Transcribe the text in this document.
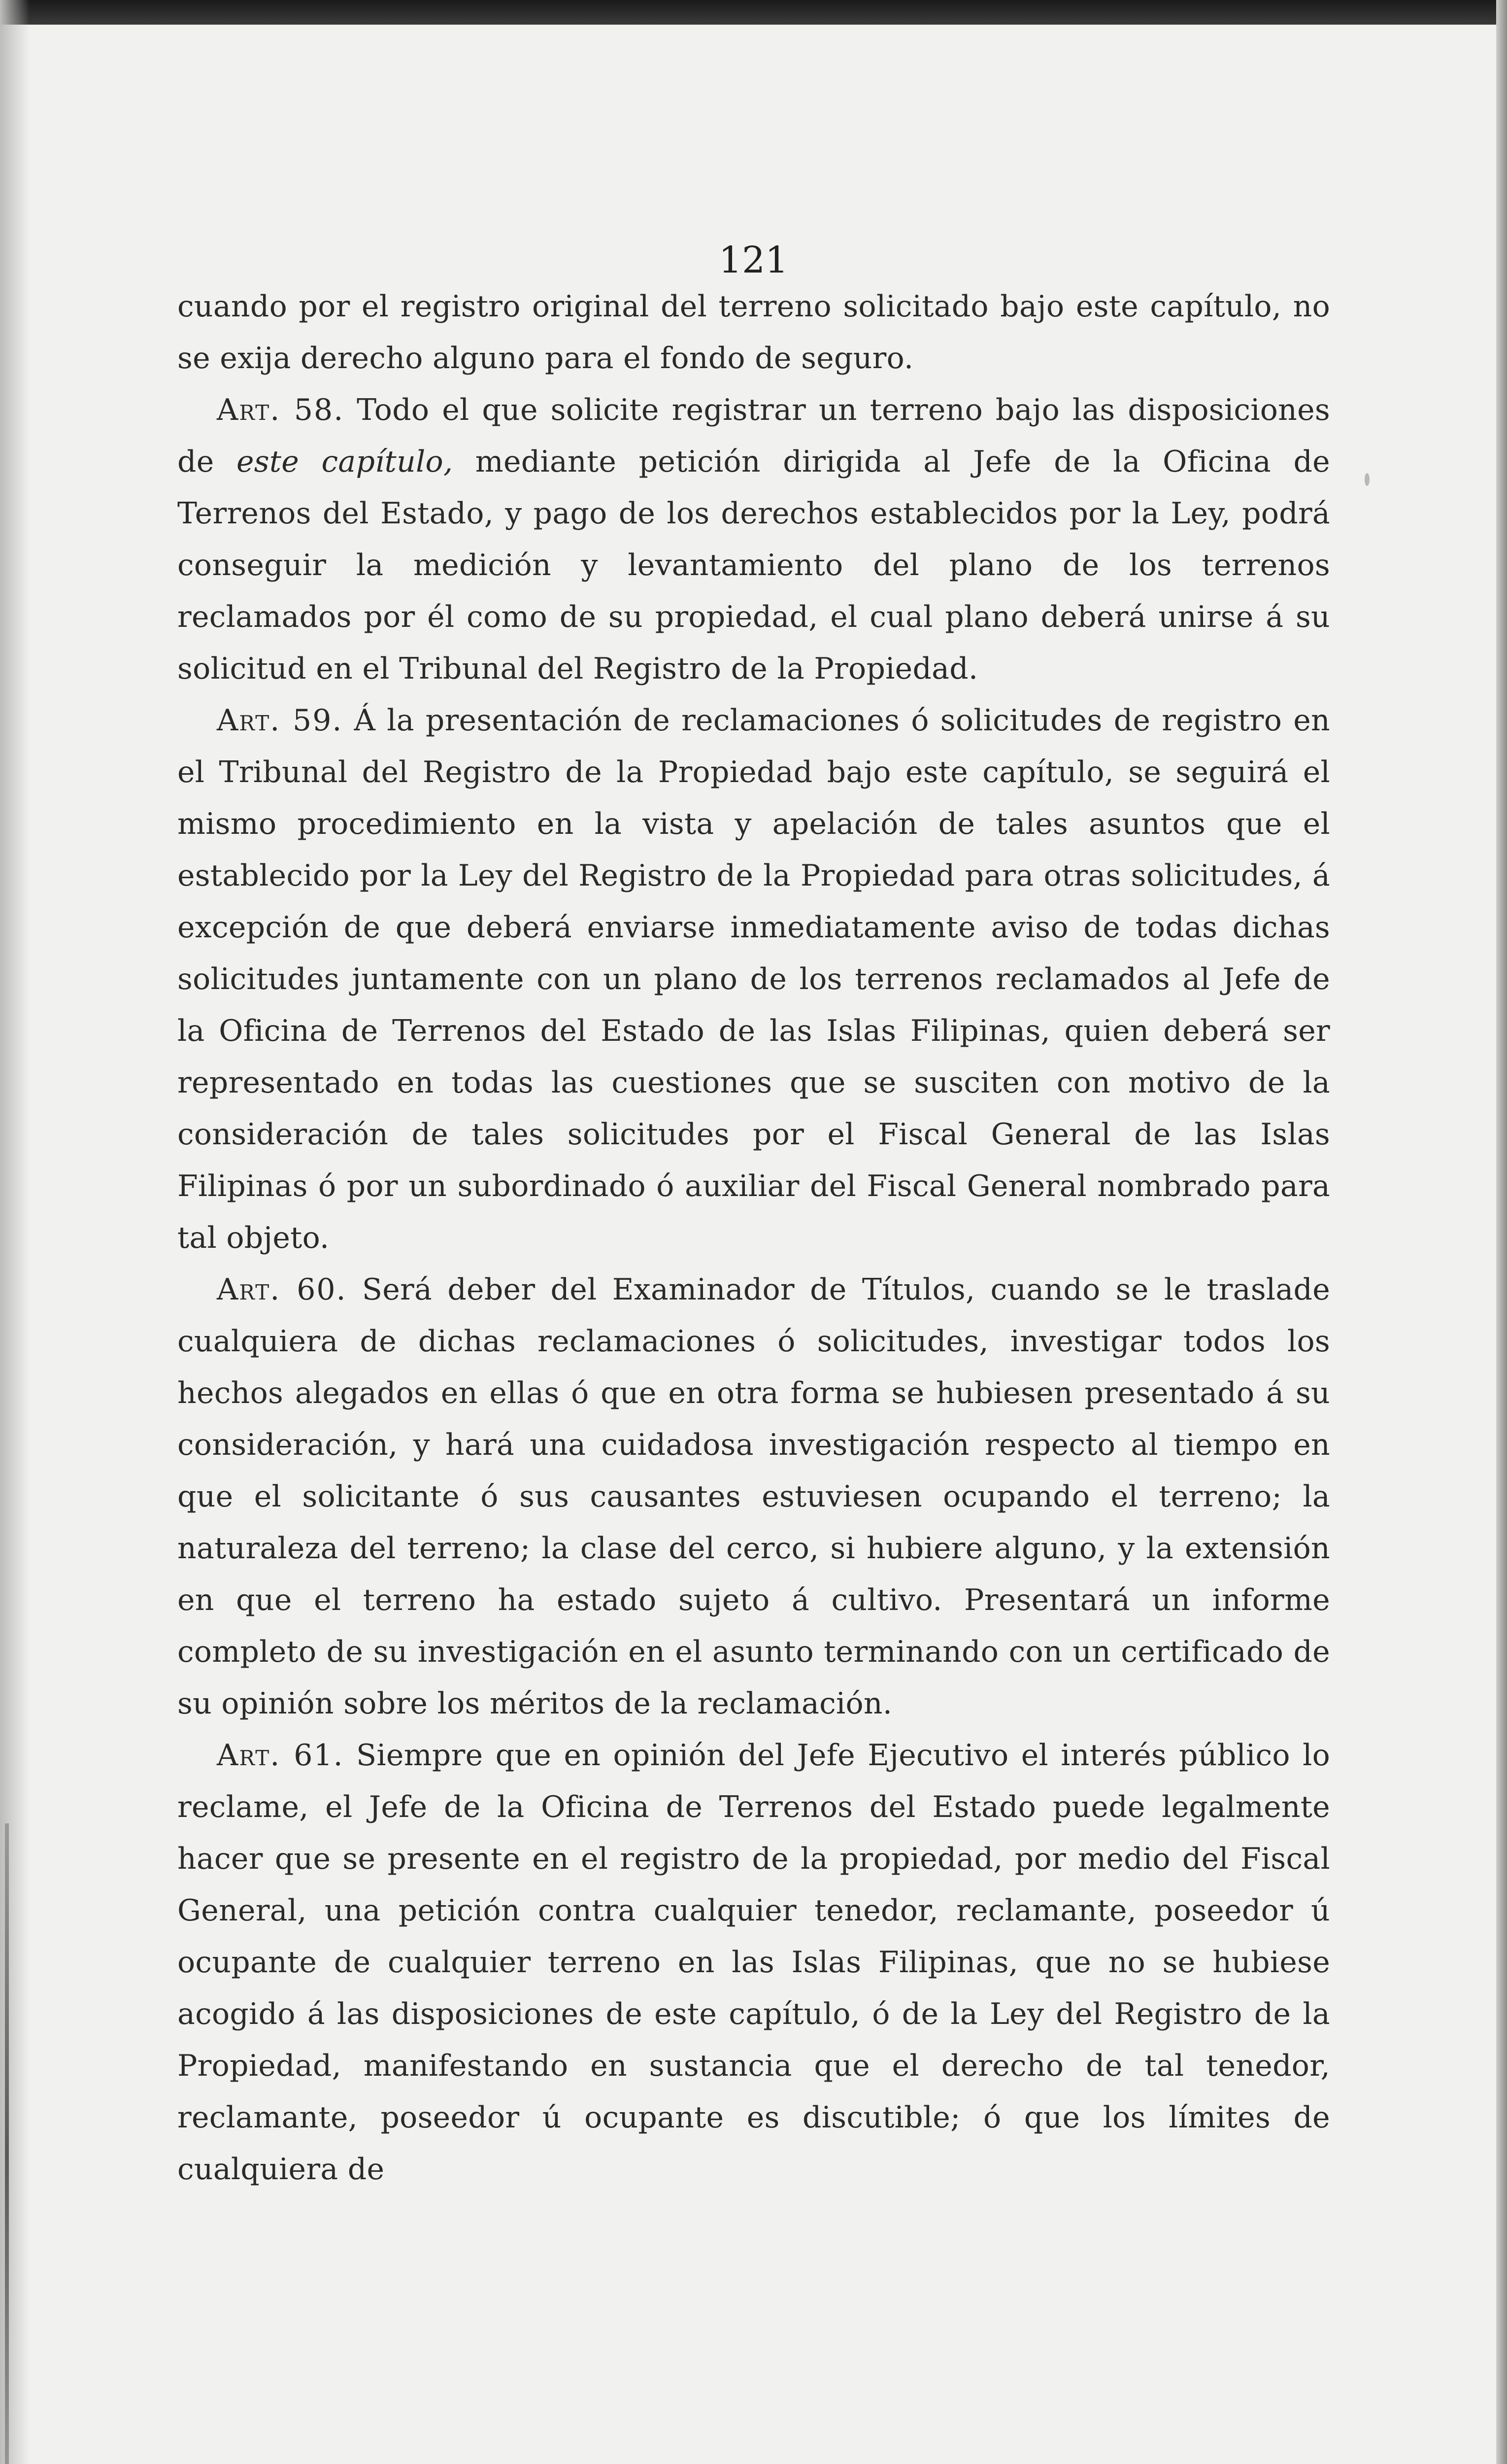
121

cuando por el registro original del terreno solicitado bajo este capítulo, no se exija derecho alguno para el fondo de seguro.

Art. 58. Todo el que solicite registrar un terreno bajo las disposiciones de este capítulo, mediante petición dirigida al Jefe de la Oficina de Terrenos del Estado, y pago de los derechos establecidos por la Ley, podrá conseguir la medición y levantamiento del plano de los terrenos reclamados por él como de su propiedad, el cual plano deberá unirse á su solicitud en el Tribunal del Registro de la Propiedad.

Art. 59. Á la presentación de reclamaciones ó solicitudes de registro en el Tribunal del Registro de la Propiedad bajo este capítulo, se seguirá el mismo procedimiento en la vista y apelación de tales asuntos que el establecido por la Ley del Registro de la Propiedad para otras solicitudes, á excepción de que deberá enviarse inmediatamente aviso de todas dichas solicitudes juntamente con un plano de los terrenos reclamados al Jefe de la Oficina de Terrenos del Estado de las Islas Filipinas, quien deberá ser representado en todas las cuestiones que se susciten con motivo de la consideración de tales solicitudes por el Fiscal General de las Islas Filipinas ó por un subordinado ó auxiliar del Fiscal General nombrado para tal objeto.

Art. 60. Será deber del Examinador de Títulos, cuando se le traslade cualquiera de dichas reclamaciones ó solicitudes, investigar todos los hechos alegados en ellas ó que en otra forma se hubiesen presentado á su consideración, y hará una cuidadosa investigación respecto al tiempo en que el solicitante ó sus causantes estuviesen ocupando el terreno; la naturaleza del terreno; la clase del cerco, si hubiere alguno, y la extensión en que el terreno ha estado sujeto á cultivo. Presentará un informe completo de su investigación en el asunto terminando con un certificado de su opinión sobre los méritos de la reclamación.

Art. 61. Siempre que en opinión del Jefe Ejecutivo el interés público lo reclame, el Jefe de la Oficina de Terrenos del Estado puede legalmente hacer que se presente en el registro de la propiedad, por medio del Fiscal General, una petición contra cualquier tenedor, reclamante, poseedor ú ocupante de cualquier terreno en las Islas Filipinas, que no se hubiese acogido á las disposiciones de este capítulo, ó de la Ley del Registro de la Propiedad, manifestando en sustancia que el derecho de tal tenedor, reclamante, poseedor ú ocupante es discutible; ó que los límites de cualquiera de
